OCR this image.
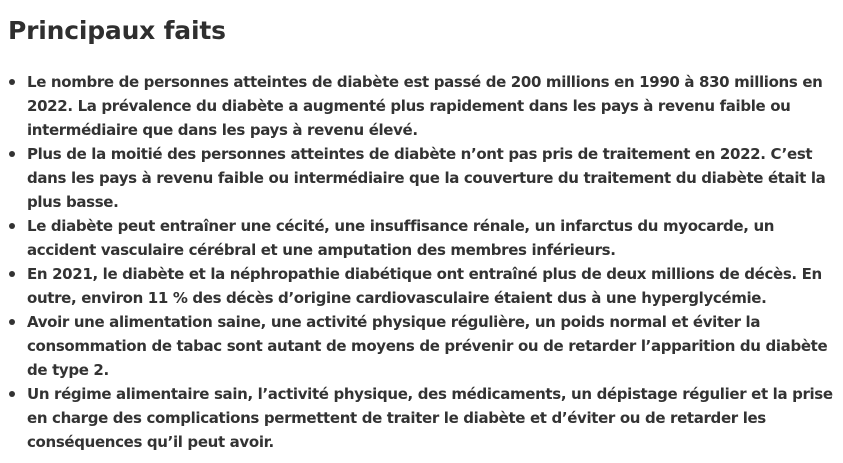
Principaux faits
Le nombre de personnes atteintes de diabète est passé de 200 millions en 1990 à 830 millions en 2022. La prévalence du diabète a augmenté plus rapidement dans les pays à revenu faible ou intermédiaire que dans les pays à revenu élevé.
Plus de la moitié des personnes atteintes de diabète n’ont pas pris de traitement en 2022. C’est dans les pays à revenu faible ou intermédiaire que la couverture du traitement du diabète était la plus basse.
Le diabète peut entraîner une cécité, une insuffisance rénale, un infarctus du myocarde, un accident vasculaire cérébral et une amputation des membres inférieurs.
En 2021, le diabète et la néphropathie diabétique ont entraîné plus de deux millions de décès. En outre, environ 11 % des décès d’origine cardiovasculaire étaient dus à une hyperglycémie.
Avoir une alimentation saine, une activité physique régulière, un poids normal et éviter la consommation de tabac sont autant de moyens de prévenir ou de retarder l’apparition du diabète de type 2.
Un régime alimentaire sain, l’activité physique, des médicaments, un dépistage régulier et la prise en charge des complications permettent de traiter le diabète et d’éviter ou de retarder les conséquences qu’il peut avoir.
